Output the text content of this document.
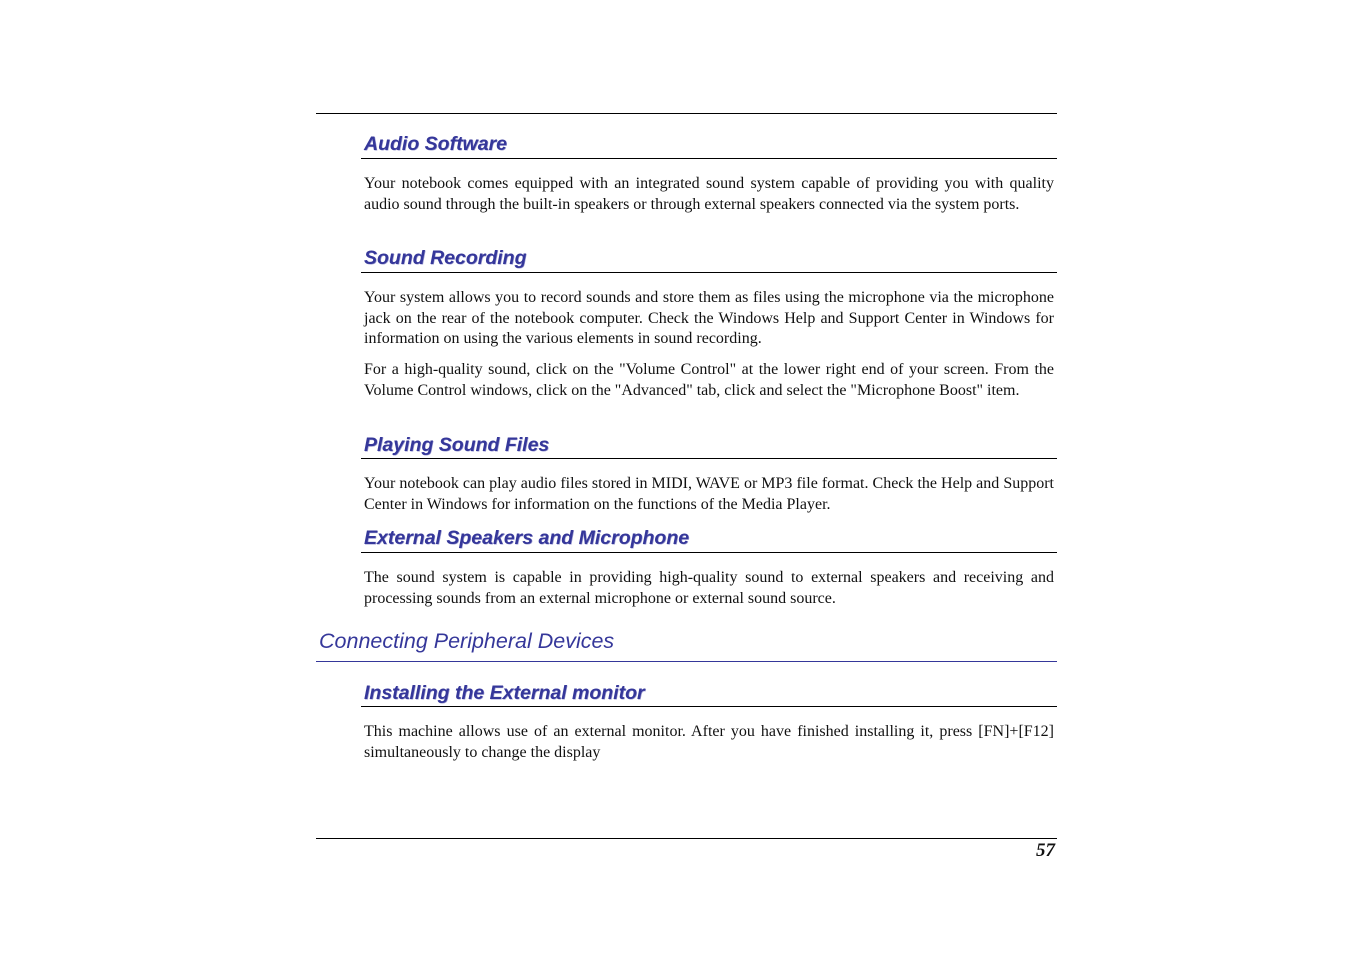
Audio Software

Your notebook comes equipped with an integrated sound system capable of providing you with quality audio sound through the built-in speakers or through external speakers connected via the system ports.

Sound Recording

Your system allows you to record sounds and store them as files using the microphone via the microphone jack on the rear of the notebook computer. Check the Windows Help and Support Center in Windows for information on using the various elements in sound recording.

For a high-quality sound, click on the "Volume Control" at the lower right end of your screen. From the Volume Control windows, click on the "Advanced" tab, click and select the "Microphone Boost" item.

Playing Sound Files

Your notebook can play audio files stored in MIDI, WAVE or MP3 file format. Check the Help and Support Center in Windows for information on the functions of the Media Player.

External Speakers and Microphone

The sound system is capable in providing high-quality sound to external speakers and receiving and processing sounds from an external microphone or external sound source.

Connecting Peripheral Devices
Installing the External monitor

This machine allows use of an external monitor. After you have finished installing it, press [FN]+[F12] simultaneously to change the display

57
